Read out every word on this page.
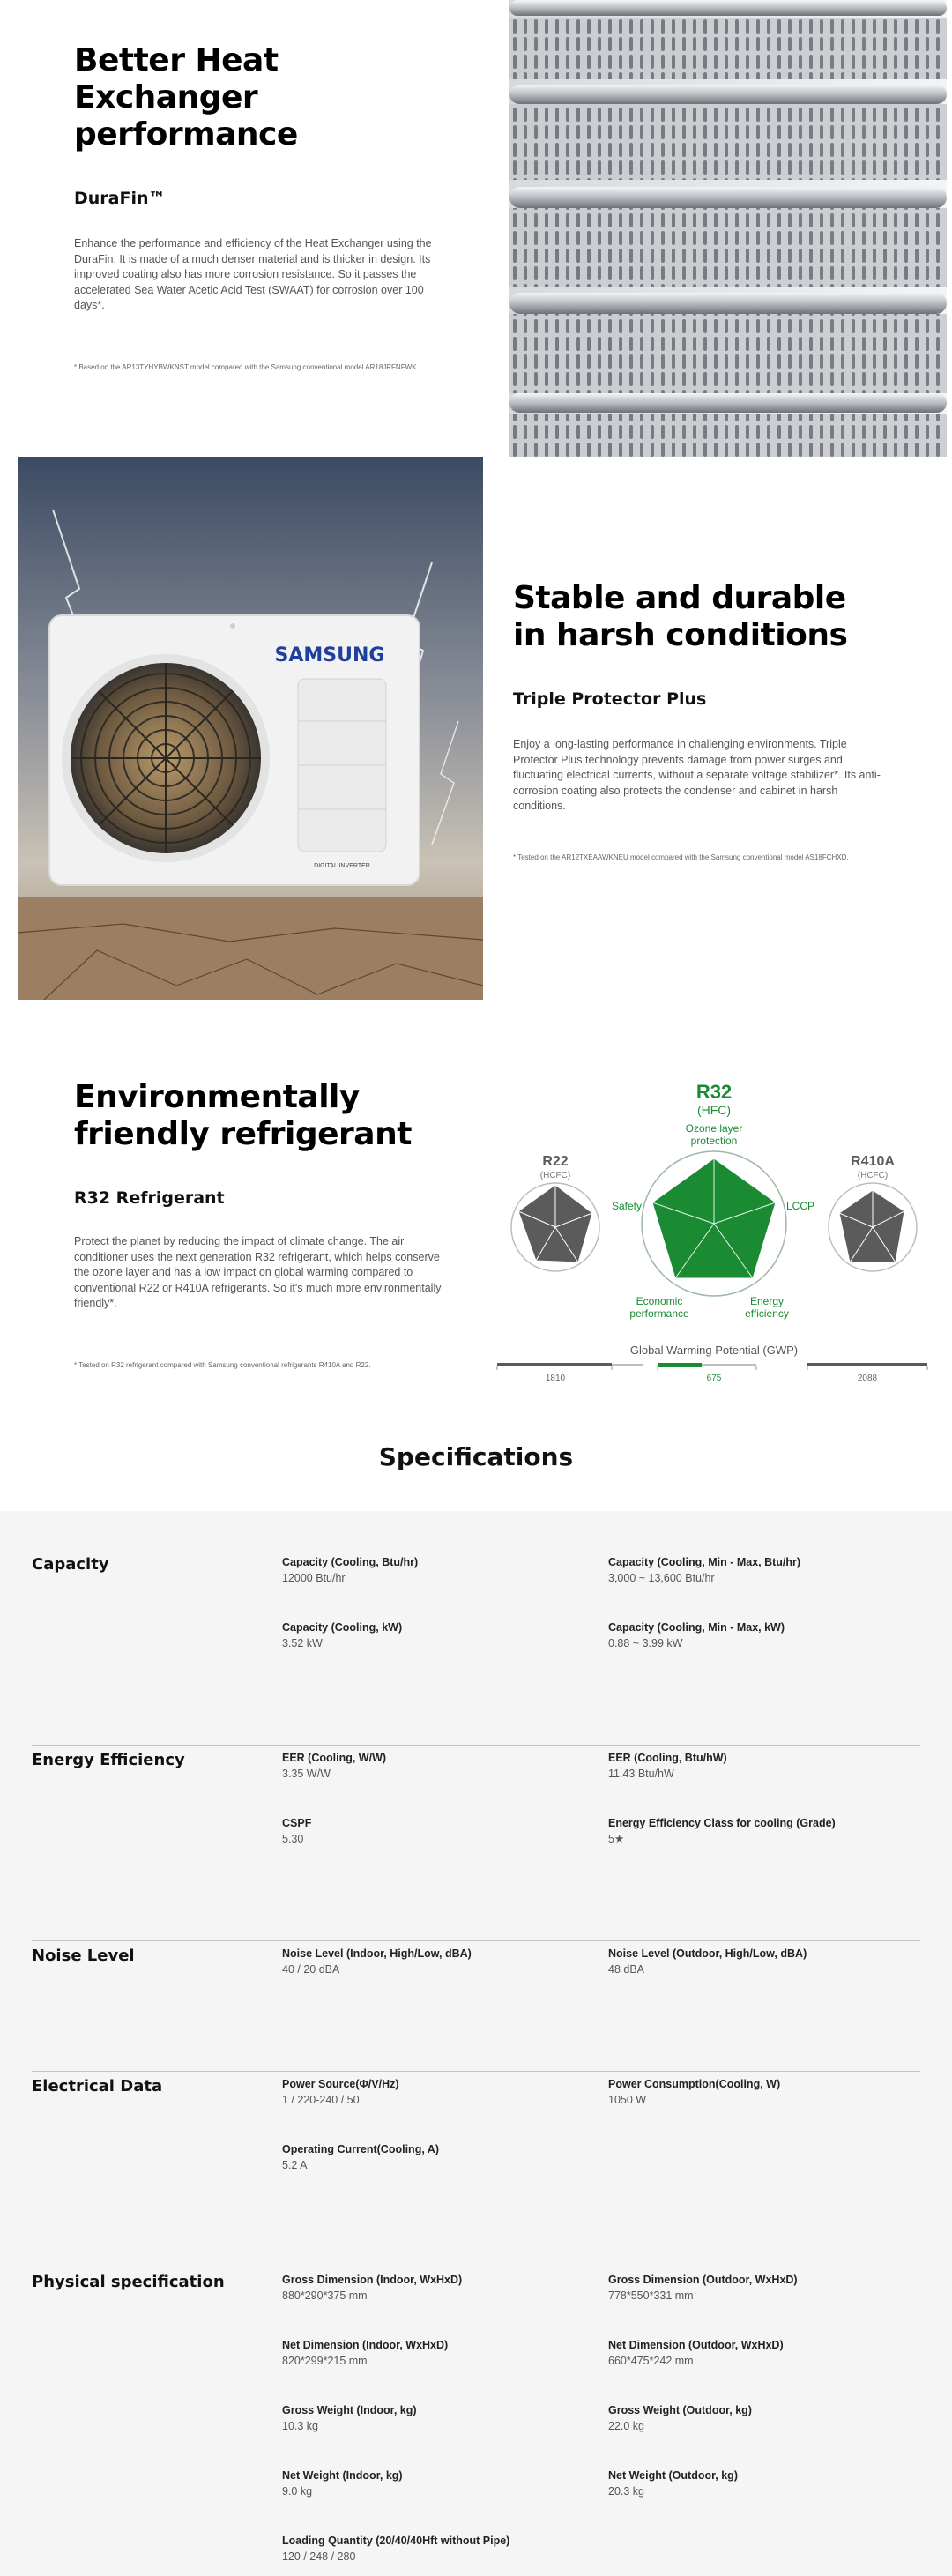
Better Heat Exchanger performance
DuraFin™

Enhance the performance and efficiency of the Heat Exchanger using the DuraFin. It is made of a much denser material and is thicker in design. Its improved coating also has more corrosion resistance. So it passes the accelerated Sea Water Acetic Acid Test (SWAAT) for corrosion over 100 days*.

* Based on the AR13TYHYBWKNST model compared with the Samsung conventional model AR18JRFNFWK.

SAMSUNG
DIGITAL INVERTER
Stable and durable in harsh conditions
Triple Protector Plus

Enjoy a long-lasting performance in challenging environments. Triple Protector Plus technology prevents damage from power surges and fluctuating electrical currents, without a separate voltage stabilizer*. Its anti-corrosion coating also protects the condenser and cabinet in harsh conditions.

* Tested on the AR12TXEAAWKNEU model compared with the Samsung conventional model AS18FCHXD.

Environmentally friendly refrigerant
R32 Refrigerant

Protect the planet by reducing the impact of climate change. The air conditioner uses the next generation R32 refrigerant, which helps conserve the ozone layer and has a low impact on global warming compared to conventional R22 or R410A refrigerants. So it's much more environmentally friendly*.

* Tested on R32 refrigerant compared with Samsung conventional refrigerants R410A and R22.

R32
(HFC)
Ozone layer
protection
Safety	LCCP
Economic
performance
Energy
efficiency
R22
(HCFC)
R410A
(HCFC)
Global Warming Potential (GWP)
1810	675	2088
Specifications
Capacity	Capacity (Cooling, Btu/hr)
12000 Btu/hr
Capacity (Cooling, Min - Max, Btu/hr)
3,000 ~ 13,600 Btu/hr
Capacity (Cooling, kW)
3.52 kW
Capacity (Cooling, Min - Max, kW)
0.88 ~ 3.99 kW
Energy Efficiency	EER (Cooling, W/W)
3.35 W/W
EER (Cooling, Btu/hW)
11.43 Btu/hW
CSPF
5.30
Energy Efficiency Class for cooling (Grade)
5★
Noise Level	Noise Level (Indoor, High/Low, dBA)
40 / 20 dBA
Noise Level (Outdoor, High/Low, dBA)
48 dBA
Electrical Data	Power Source(Φ/V/Hz)
1 / 220-240 / 50
Power Consumption(Cooling, W)
1050 W
Operating Current(Cooling, A)
5.2 A
Physical specification	Gross Dimension (Indoor, WxHxD)
880*290*375 mm
Gross Dimension (Outdoor, WxHxD)
778*550*331 mm
Net Dimension (Indoor, WxHxD)
820*299*215 mm
Net Dimension (Outdoor, WxHxD)
660*475*242 mm
Gross Weight (Indoor, kg)
10.3 kg
Gross Weight (Outdoor, kg)
22.0 kg
Net Weight (Indoor, kg)
9.0 kg
Net Weight (Outdoor, kg)
20.3 kg
Loading Quantity (20/40/40Hft without Pipe)
120 / 248 / 280
